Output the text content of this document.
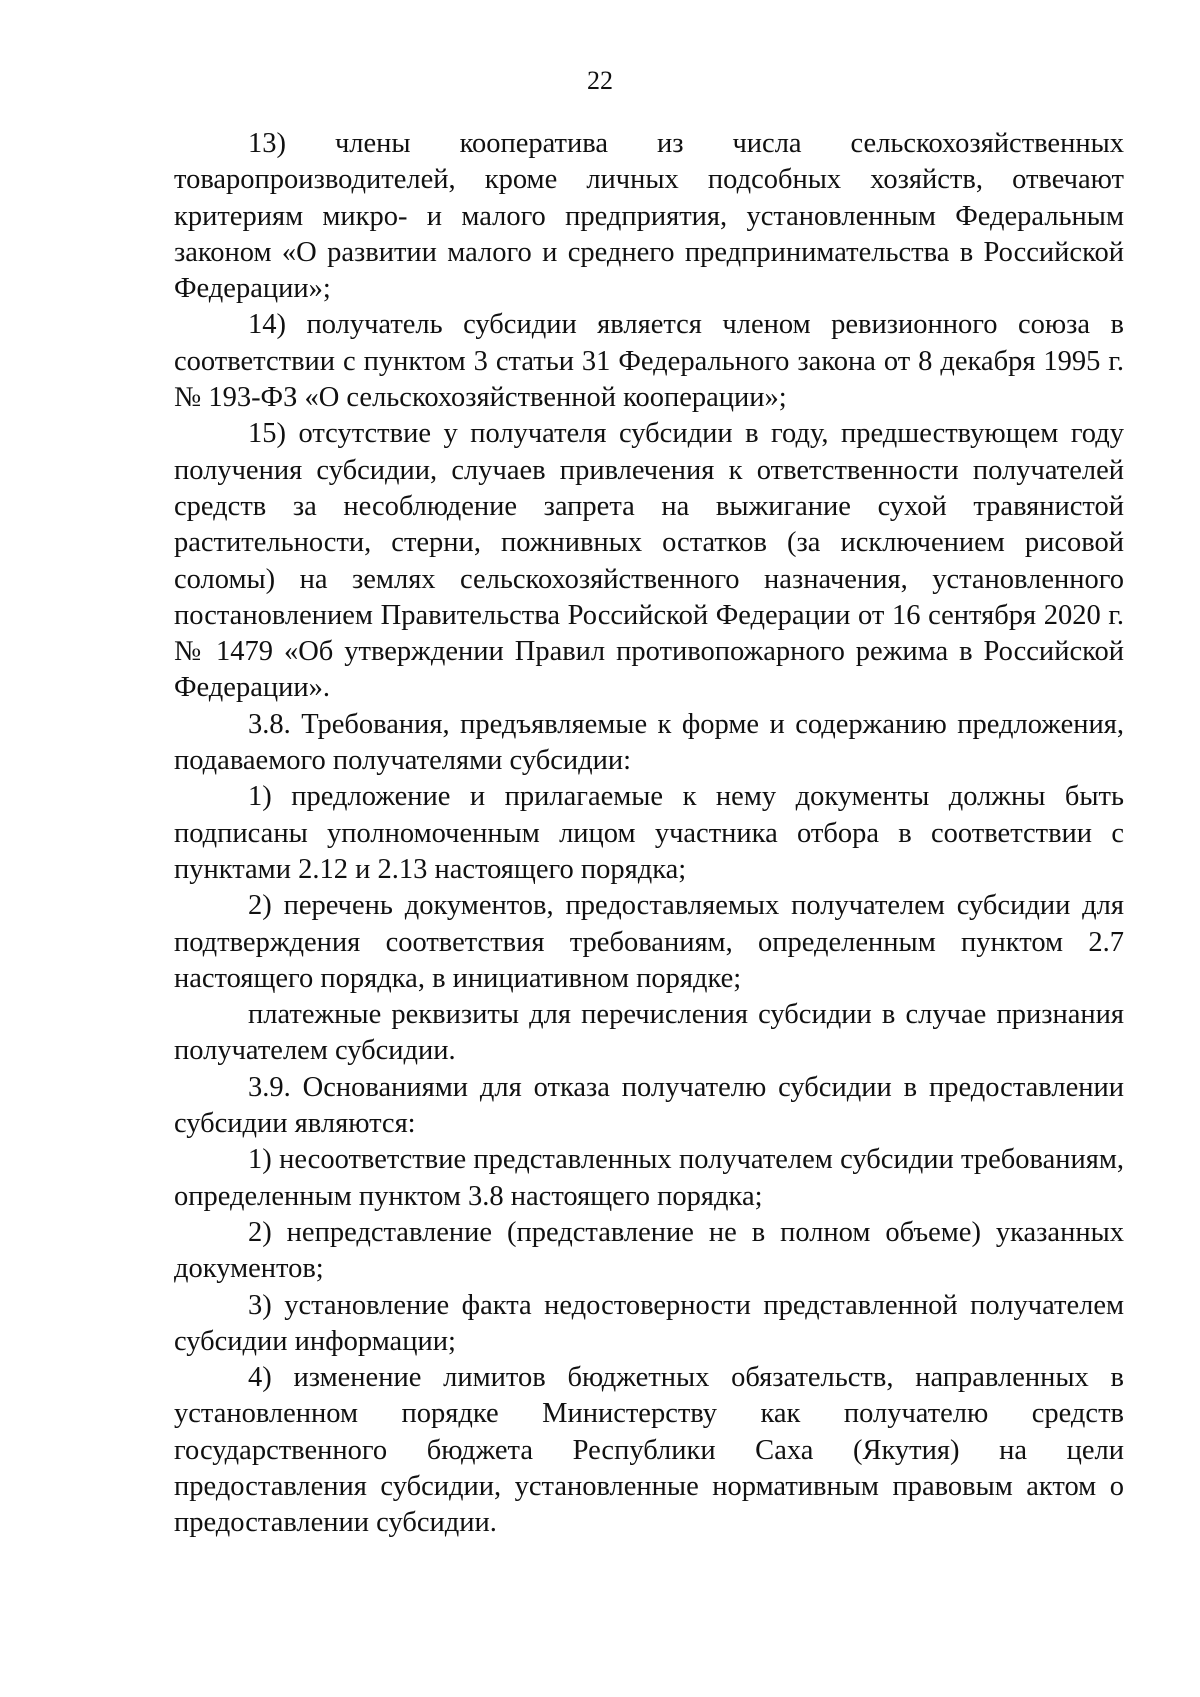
22

13) члены кооператива из числа сельскохозяйственных товаропроизводителей, кроме личных подсобных хозяйств, отвечают критериям микро- и малого предприятия, установленным Федеральным законом «О развитии малого и среднего предпринимательства в Российской Федерации»;

14) получатель субсидии является членом ревизионного союза в соответствии с пунктом 3 статьи 31 Федерального закона от 8 декабря 1995 г. № 193-ФЗ «О сельскохозяйственной кооперации»;

15) отсутствие у получателя субсидии в году, предшествующем году получения субсидии, случаев привлечения к ответственности получателей средств за несоблюдение запрета на выжигание сухой травянистой растительности, стерни, пожнивных остатков (за исключением рисовой соломы) на землях сельскохозяйственного назначения, установленного постановлением Правительства Российской Федерации от 16 сентября 2020 г. № 1479 «Об утверждении Правил противопожарного режима в Российской Федерации».

3.8. Требования, предъявляемые к форме и содержанию предложения, подаваемого получателями субсидии:

1) предложение и прилагаемые к нему документы должны быть подписаны уполномоченным лицом участника отбора в соответствии с пунктами 2.12 и 2.13 настоящего порядка;

2) перечень документов, предоставляемых получателем субсидии для подтверждения соответствия требованиям, определенным пунктом 2.7 настоящего порядка, в инициативном порядке;

платежные реквизиты для перечисления субсидии в случае признания получателем субсидии.

3.9. Основаниями для отказа получателю субсидии в предоставлении субсидии являются:

1) несоответствие представленных получателем субсидии требованиям, определенным пунктом 3.8 настоящего порядка;

2) непредставление (представление не в полном объеме) указанных документов;

3) установление факта недостоверности представленной получателем субсидии информации;

4) изменение лимитов бюджетных обязательств, направленных в установленном порядке Министерству как получателю средств государственного бюджета Республики Саха (Якутия) на цели предоставления субсидии, установленные нормативным правовым актом о предоставлении субсидии.
